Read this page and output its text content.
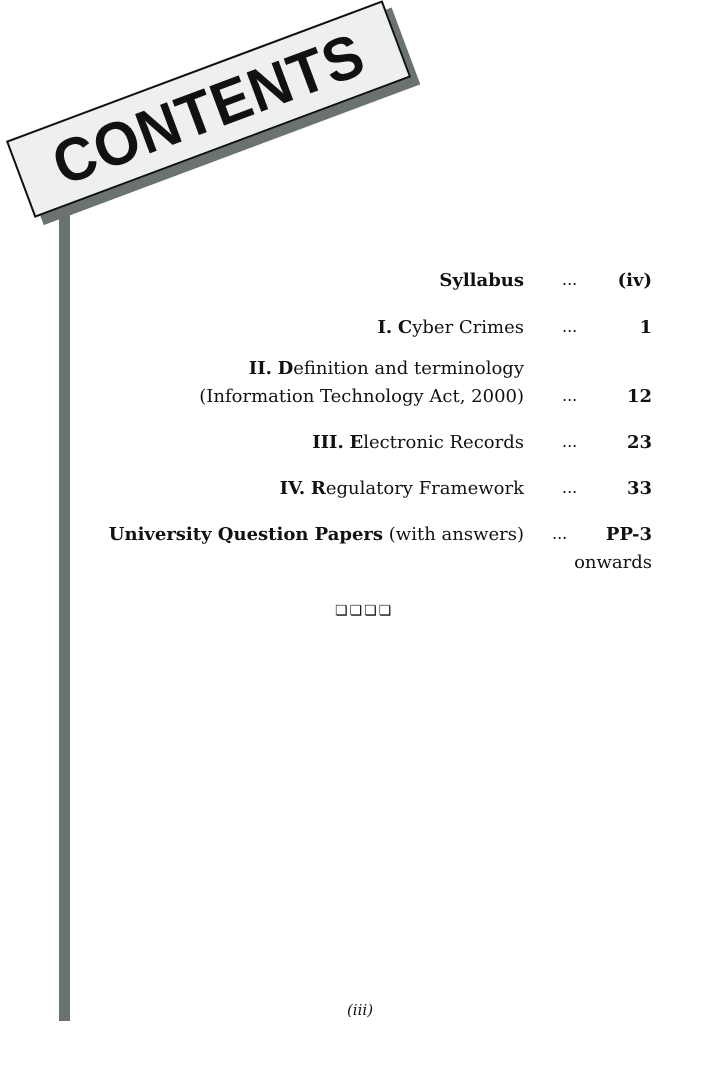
CONTENTS
Syllabus ... (iv)
I. Cyber Crimes ...	1
II. Definition and terminology
(Information Technology Act, 2000) ...	12
III. Electronic Records ...	23
IV. Regulatory Framework ...	33
University Question Papers (with answers) ... PP-3
onwards
❏❏❏❏
(iii)
